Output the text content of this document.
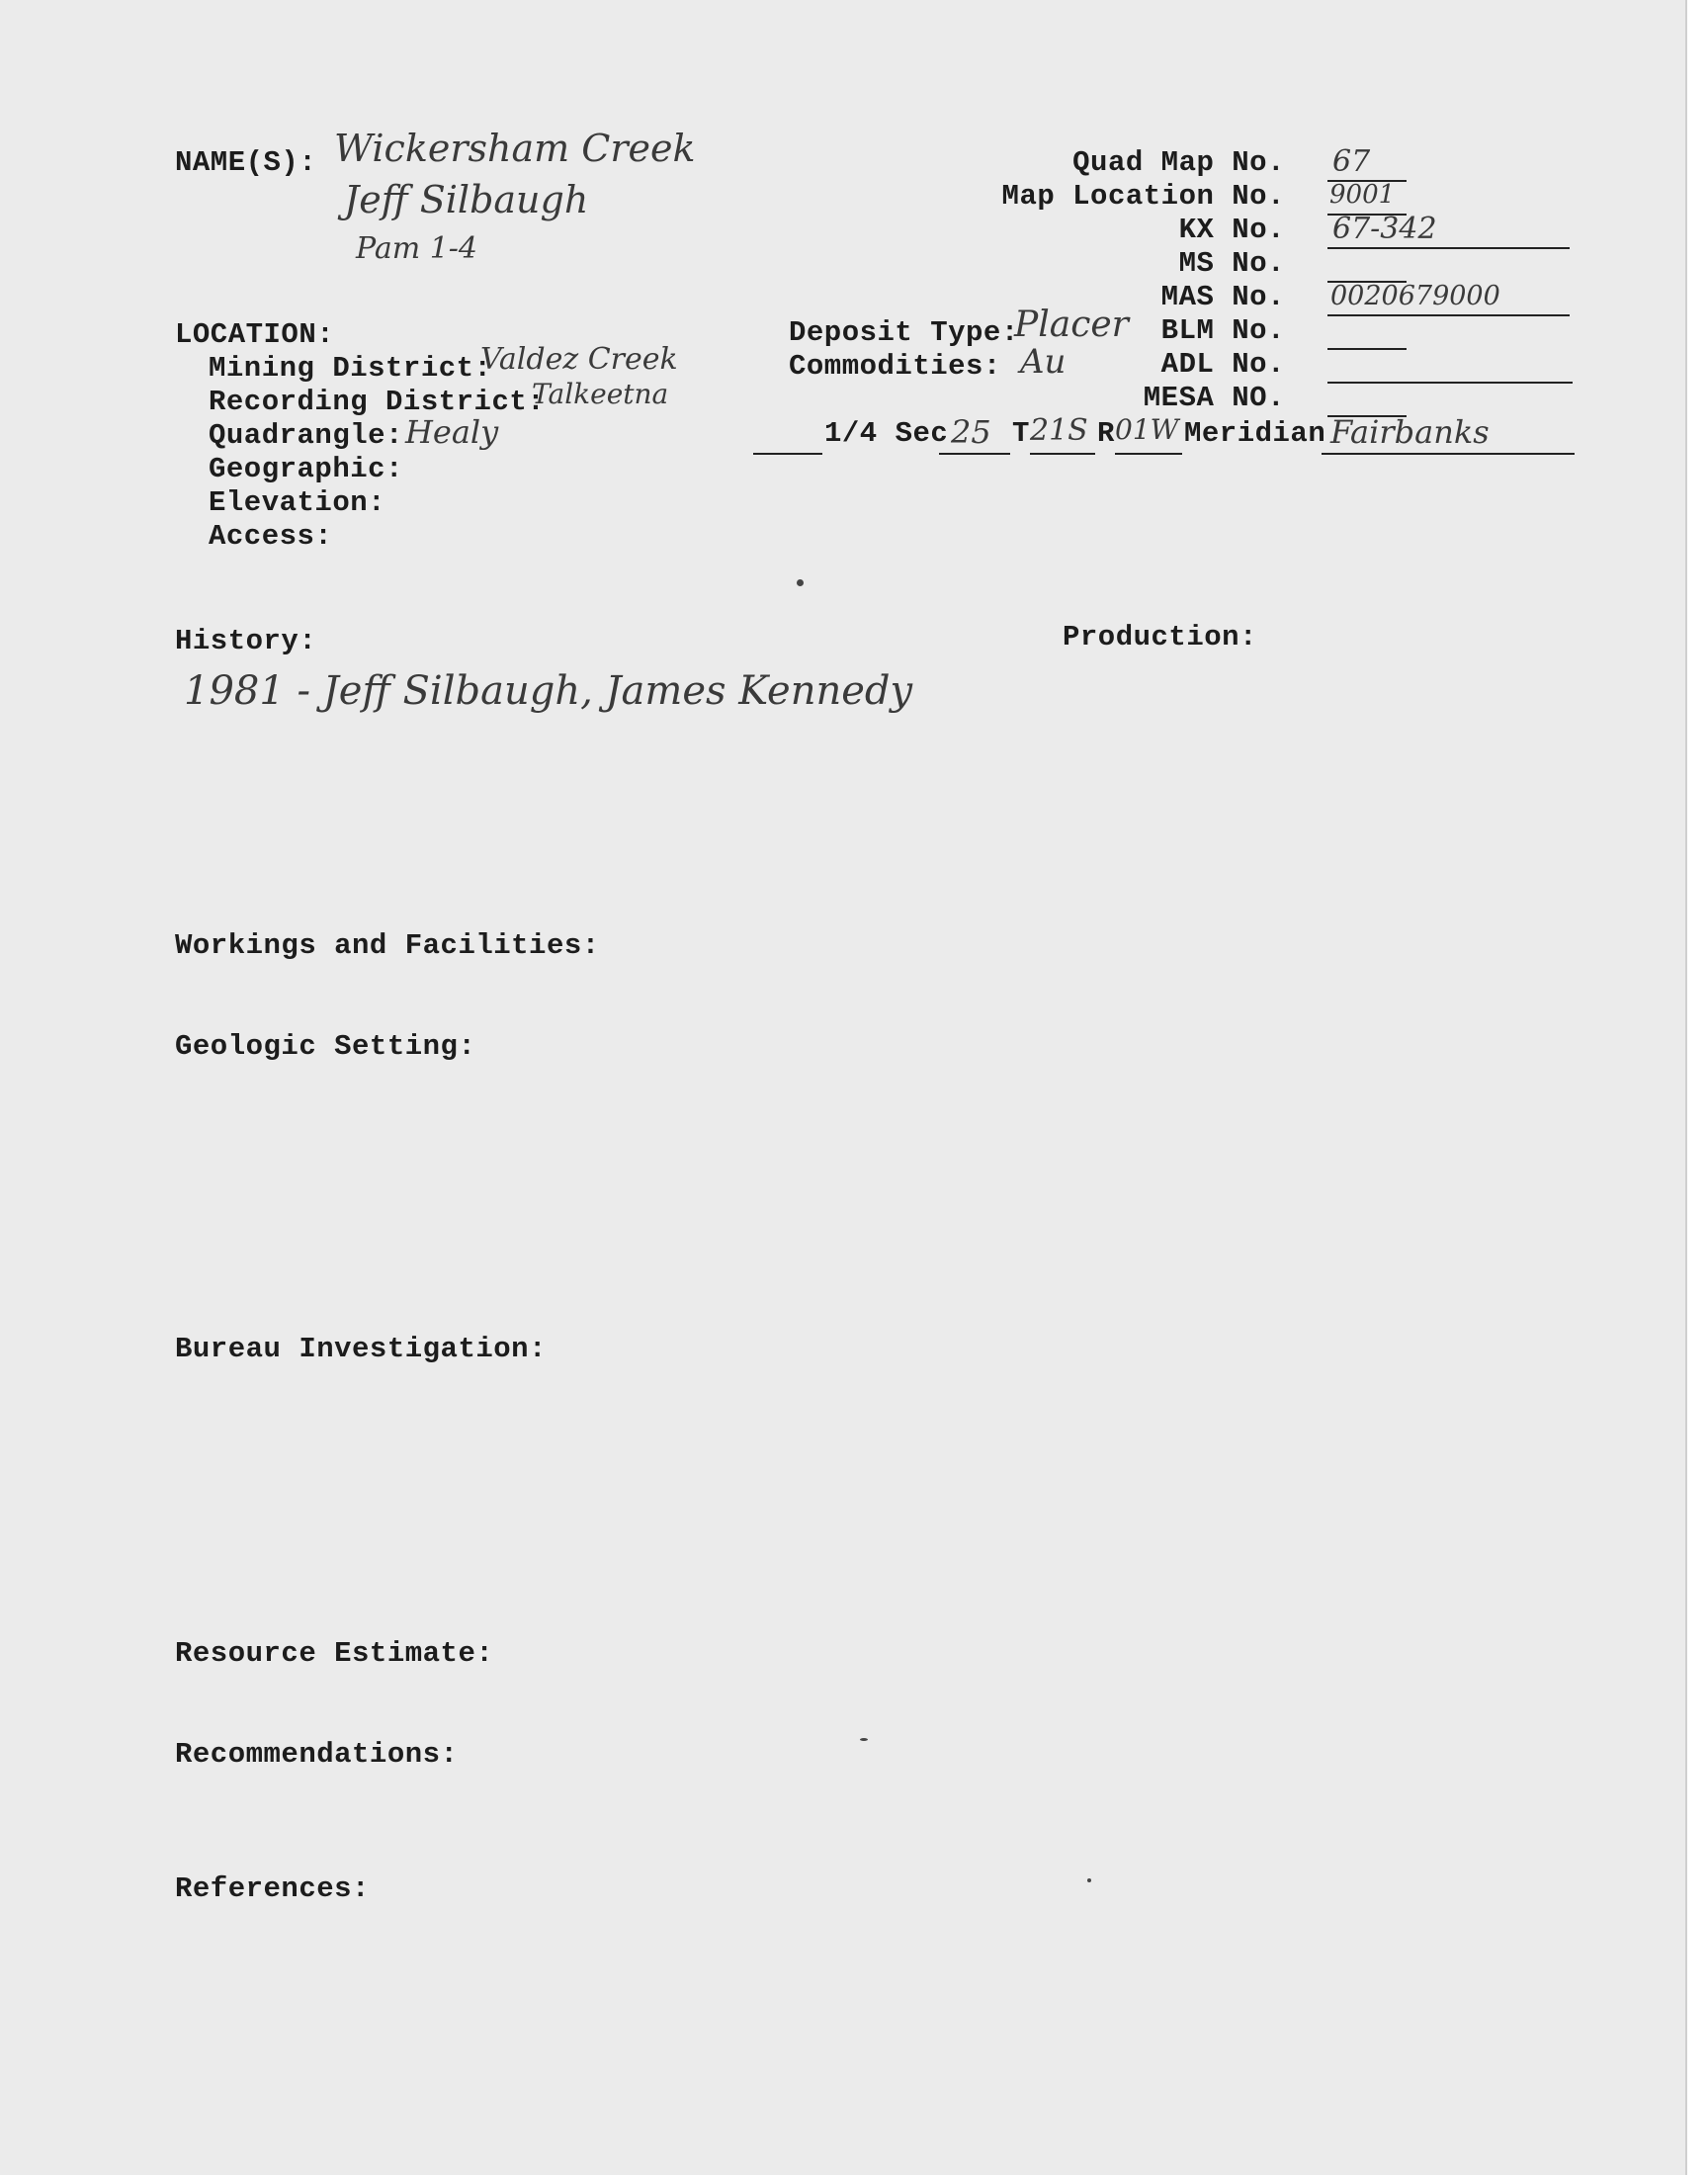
NAME(S): Wickersham Creek
Jeff Silbaugh
Pam 1-4
Quad Map No. 67
Map Location No. 9001
KX No. 67-342
MS No.
MAS No. 0020679000
BLM No.
ADL No.
MESA NO.
LOCATION:
Mining District:
Valdez Creek
Recording District:
Talkeetna
Quadrangle: Healy
Geographic:
Elevation:
Access:
Deposit Type:
Placer
Commodities: Au
1/4 Sec 25 T 21S R 01W Meridian Fairbanks
History:
1981 - Jeff Silbaugh, James Kennedy
Production:
Workings and Facilities:
Geologic Setting:
Bureau Investigation:
Resource Estimate:
Recommendations:
References:
